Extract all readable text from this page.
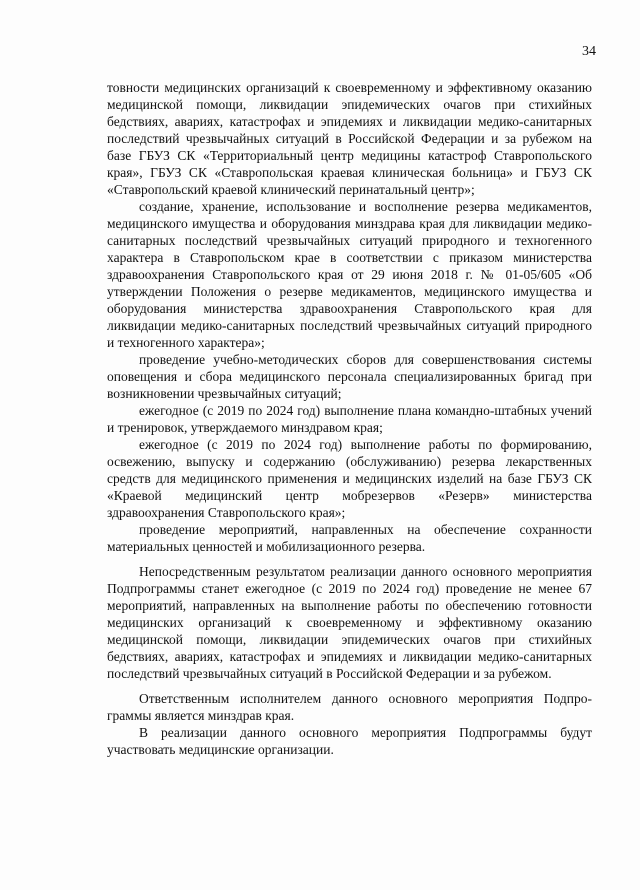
34

товности медицинских организаций к своевременному и эффективному оказанию медицинской помощи, ликвидации эпидемических очагов при стихийных бедствиях, авариях, катастрофах и эпидемиях и ликвидации медико-санитарных последствий чрезвычайных ситуаций в Российской Федерации и за рубежом на базе ГБУЗ СК «Территориальный центр медицины катастроф Ставропольского края», ГБУЗ СК «Ставропольская краевая клиническая больница» и ГБУЗ СК «Ставропольский краевой клинический перинатальный центр»;

создание, хранение, использование и восполнение резерва медикаментов, медицинского имущества и оборудования минздрава края для ликвидации медико-санитарных последствий чрезвычайных ситуаций природного и техногенного характера в Ставропольском крае в соответствии с приказом министерства здравоохранения Ставропольского края от 29 июня 2018 г. № 01-05/605 «Об утверждении Положения о резерве медикаментов, медицинского имущества и оборудования министерства здравоохранения Ставропольского края для ликвидации медико-санитарных последствий чрезвычайных ситуаций природного и техногенного характера»;

проведение учебно-методических сборов для совершенствования системы оповещения и сбора медицинского персонала специализированных бригад при возникновении чрезвычайных ситуаций;

ежегодное (с 2019 по 2024 год) выполнение плана командно-штабных учений и тренировок, утверждаемого минздравом края;

ежегодное (с 2019 по 2024 год) выполнение работы по формированию, освежению, выпуску и содержанию (обслуживанию) резерва лекарственных средств для медицинского применения и медицинских изделий на базе ГБУЗ СК «Краевой медицинский центр мобрезервов «Резерв» министерства здравоохранения Ставропольского края»;

проведение мероприятий, направленных на обеспечение сохранности материальных ценностей и мобилизационного резерва.

Непосредственным результатом реализации данного основного мероприятия Подпрограммы станет ежегодное (с 2019 по 2024 год) проведение не менее 67 мероприятий, направленных на выполнение работы по обеспечению готовности медицинских организаций к своевременному и эффективному оказанию медицинской помощи, ликвидации эпидемических очагов при стихийных бедствиях, авариях, катастрофах и эпидемиях и ликвидации медико-санитарных последствий чрезвычайных ситуаций в Российской Федерации и за рубежом.

Ответственным исполнителем данного основного мероприятия Подпрограммы является минздрав края.

В реализации данного основного мероприятия Подпрограммы будут участвовать медицинские организации.
